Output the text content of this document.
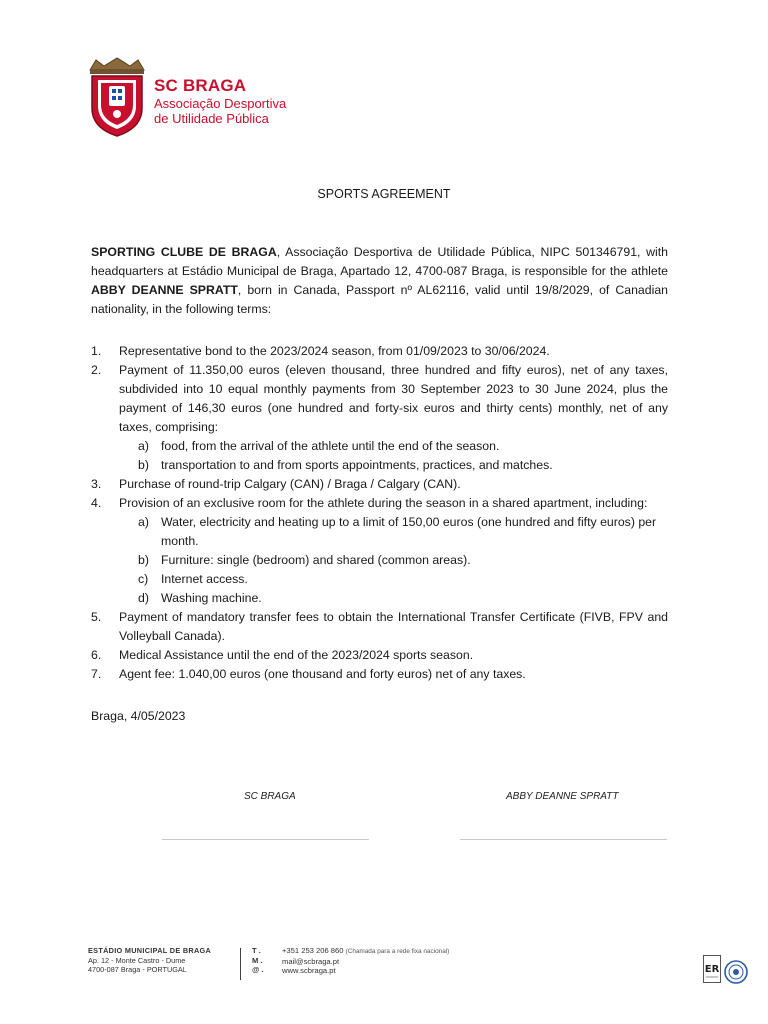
SC BRAGA
Associação Desportiva
de Utilidade Pública
SPORTS AGREEMENT

SPORTING CLUBE DE BRAGA, Associação Desportiva de Utilidade Pública, NIPC 501346791, with headquarters at Estádio Municipal de Braga, Apartado 12, 4700-087 Braga, is responsible for the athlete ABBY DEANNE SPRATT, born in Canada, Passport nº AL62116, valid until 19/8/2029, of Canadian nationality, in the following terms:

1. Representative bond to the 2023/2024 season, from 01/09/2023 to 30/06/2024.
2. Payment of 11.350,00 euros (eleven thousand, three hundred and fifty euros), net of any taxes, subdivided into 10 equal monthly payments from 30 September 2023 to 30 June 2024, plus the payment of 146,30 euros (one hundred and forty-six euros and thirty cents) monthly, net of any taxes, comprising:
a) food, from the arrival of the athlete until the end of the season.
b) transportation to and from sports appointments, practices, and matches.
3. Purchase of round-trip Calgary (CAN) / Braga / Calgary (CAN).
4. Provision of an exclusive room for the athlete during the season in a shared apartment, including:
a) Water, electricity and heating up to a limit of 150,00 euros (one hundred and fifty euros) per month.
b) Furniture: single (bedroom) and shared (common areas).
c) Internet access.
d) Washing machine.
5. Payment of mandatory transfer fees to obtain the International Transfer Certificate (FIVB, FPV and Volleyball Canada).
6. Medical Assistance until the end of the 2023/2024 sports season.
7. Agent fee: 1.040,00 euros (one thousand and forty euros) net of any taxes.
Braga, 4/05/2023
SC BRAGA	ABBY DEANNE SPRATT
ESTÁDIO MUNICIPAL DE BRAGA
Ap. 12 - Monte Castro - Dume
4700-087 Braga - PORTUGAL
T .
M .
@ .
+351 253 206 860 (Chamada para a rede fixa nacional)
mail@scbraga.pt
www.scbraga.pt	ER
